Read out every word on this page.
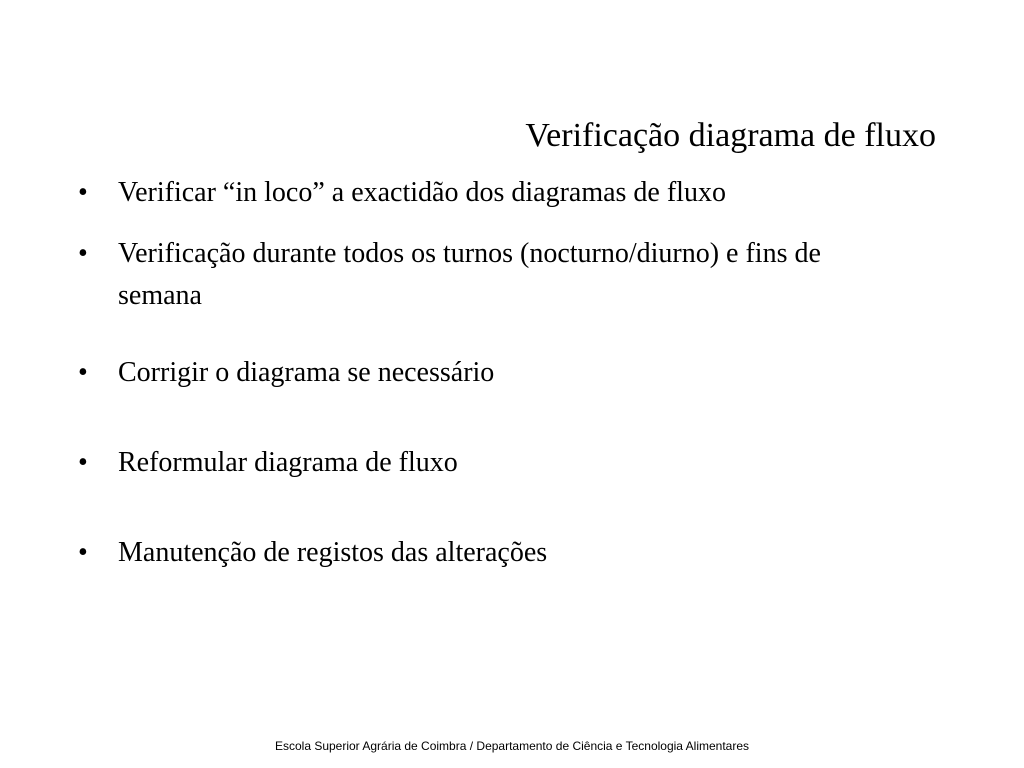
Verificação diagrama de fluxo
•	Verificar “in loco” a exactidão dos diagramas de fluxo
•	Verificação durante todos os turnos (nocturno/diurno) e fins de semana
•	Corrigir o diagrama se necessário
•	Reformular diagrama de fluxo
•	Manutenção de registos das alterações
Escola Superior Agrária de Coimbra / Departamento de Ciência e Tecnologia Alimentares
